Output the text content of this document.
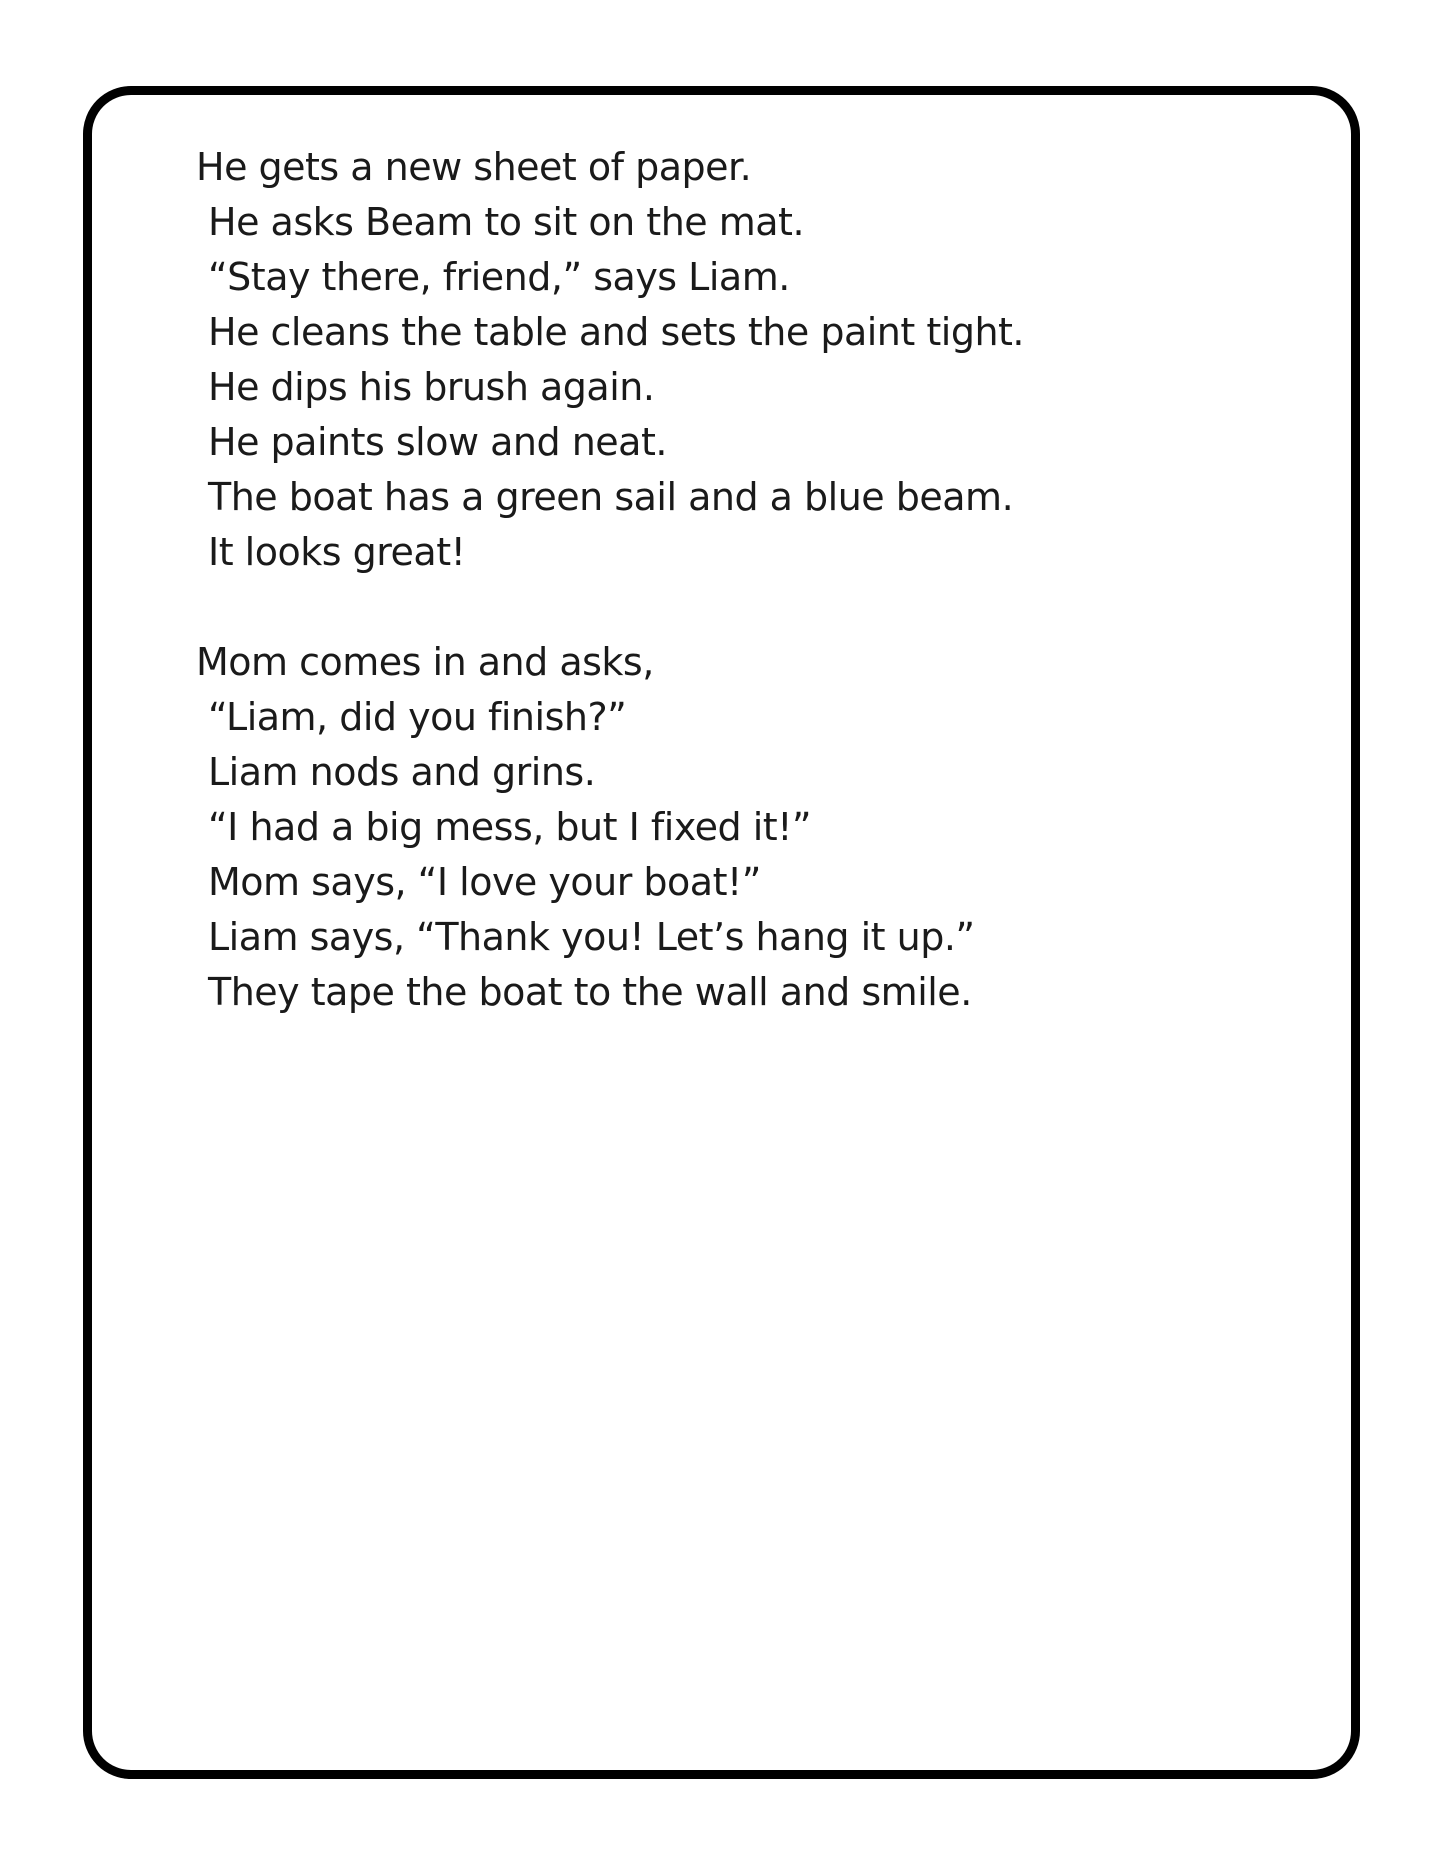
He gets a new sheet of paper.
He asks Beam to sit on the mat.
“Stay there, friend,” says Liam.
He cleans the table and sets the paint tight.
He dips his brush again.
He paints slow and neat.
The boat has a green sail and a blue beam.
It looks great!
Mom comes in and asks,
“Liam, did you finish?”
Liam nods and grins.
“I had a big mess, but I fixed it!”
Mom says, “I love your boat!”
Liam says, “Thank you! Let’s hang it up.”
They tape the boat to the wall and smile.
